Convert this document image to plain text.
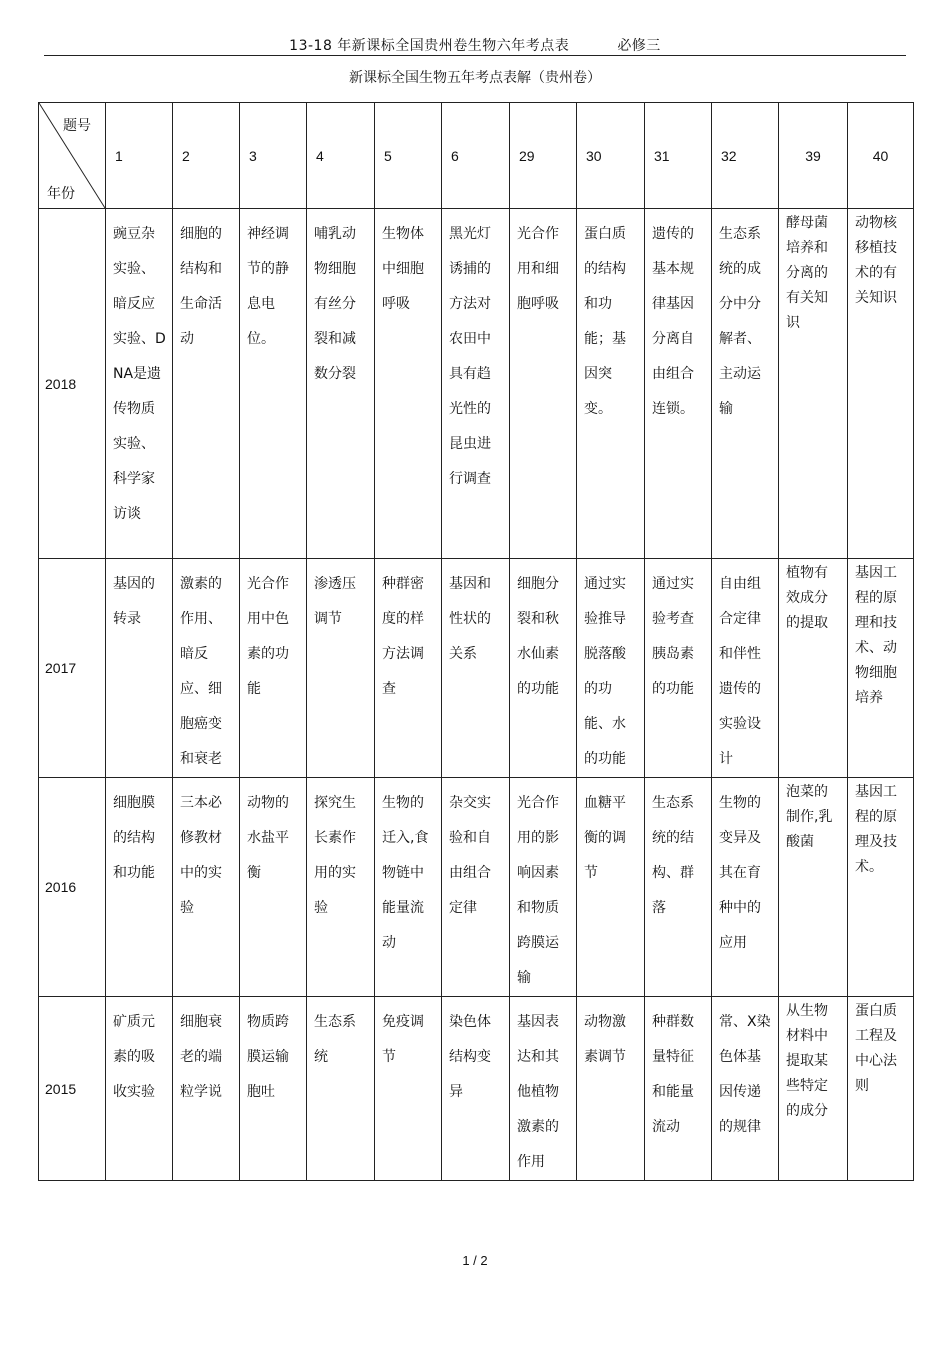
13-18 年新课标全国贵州卷生物六年考点表	必修三
新课标全国生物五年考点表解（贵州卷）
题号
年份	1	2	3	4	5	6	29	30	31	32	39	40
2018	豌豆杂实验、暗反应实验、DNA是遗传物质实验、科学家访谈	细胞的结构和生命活动	神经调节的静息电位。	哺乳动物细胞有丝分裂和减数分裂	生物体中细胞呼吸	黑光灯诱捕的方法对农田中具有趋光性的昆虫进行调查	光合作用和细胞呼吸	蛋白质的结构和功能；基因突变。	遗传的基本规律基因分离自由组合连锁。	生态系统的成分中分解者、主动运输	酵母菌培养和分离的有关知识	动物核移植技术的有关知识
2017	基因的转录	激素的作用、暗反应、细胞癌变和衰老	光合作用中色素的功能	渗透压调节	种群密度的样方法调查	基因和性状的关系	细胞分裂和秋水仙素的功能	通过实验推导脱落酸的功能、水的功能	通过实验考查胰岛素的功能	自由组合定律和伴性遗传的实验设计	植物有效成分的提取	基因工程的原理和技术、动物细胞培养
2016	细胞膜的结构和功能	三本必修教材中的实验	动物的水盐平衡	探究生长素作用的实验	生物的迁入,食物链中能量流动	杂交实验和自由组合定律	光合作用的影响因素和物质跨膜运输	血糖平衡的调节	生态系统的结构、群落	生物的变异及其在育种中的应用	泡菜的制作,乳酸菌	基因工程的原理及技术。
2015	矿质元素的吸收实验	细胞衰老的端粒学说	物质跨膜运输胞吐	生态系统	免疫调节	染色体结构变异	基因表达和其他植物激素的作用	动物激素调节	种群数量特征和能量流动	常、X染色体基因传递的规律	从生物材料中提取某些特定的成分	蛋白质工程及中心法则
1 / 2
